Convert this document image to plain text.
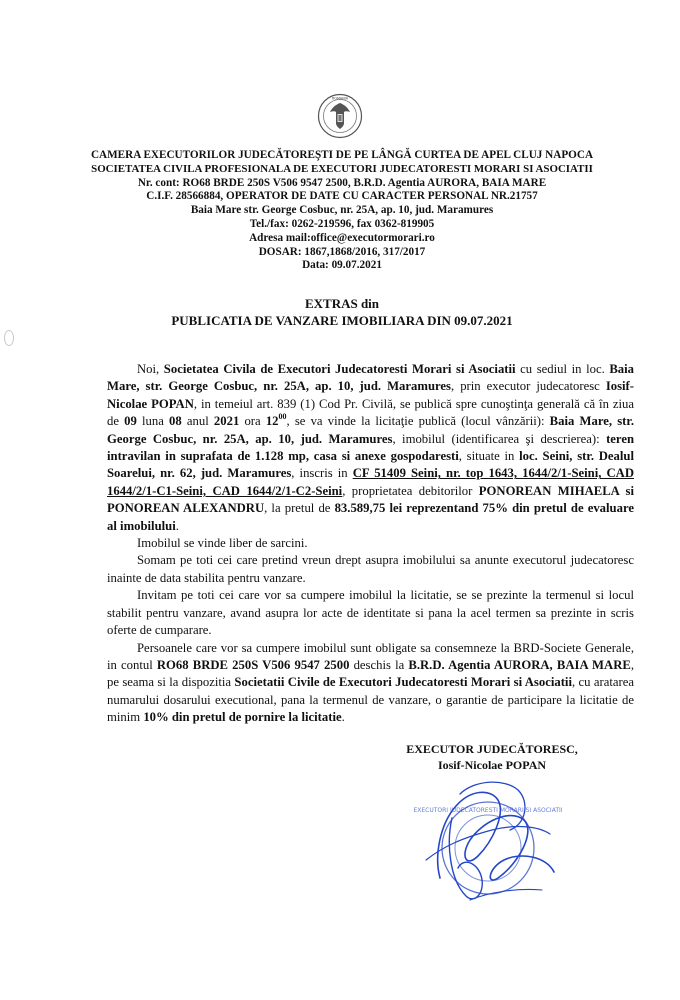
ROMANIA
CAMERA EXECUTORILOR JUDECĂTOREŞTI DE PE LÂNGĂ CURTEA DE APEL CLUJ NAPOCA
SOCIETATEA CIVILA PROFESIONALA DE EXECUTORI JUDECATORESTI MORARI SI ASOCIATII
Nr. cont: RO68 BRDE 250S V506 9547 2500, B.R.D. Agentia AURORA, BAIA MARE
C.I.F. 28566884, OPERATOR DE DATE CU CARACTER PERSONAL NR.21757
Baia Mare str. George Cosbuc, nr. 25A, ap. 10, jud. Maramures
Tel./fax: 0262-219596, fax 0362-819905
Adresa mail:office@executormorari.ro
DOSAR: 1867,1868/2016, 317/2017
Data: 09.07.2021
EXTRAS din
PUBLICATIA DE VANZARE IMOBILIARA DIN 09.07.2021

Noi, Societatea Civila de Executori Judecatoresti Morari si Asociatii cu sediul in loc. Baia Mare, str. George Cosbuc, nr. 25A, ap. 10, jud. Maramures, prin executor judecatoresc Iosif-Nicolae POPAN, in temeiul art. 839 (1) Cod Pr. Civilă, se publică spre cunoştinţa generală că în ziua de 09 luna 08 anul 2021 ora $12^{00}$, se va vinde la licitaţie publică (locul vânzării): Baia Mare, str. George Cosbuc, nr. 25A, ap. 10, jud. Maramures, imobilul (identificarea şi descrierea): teren intravilan in suprafata de 1.128 mp, casa si anexe gospodaresti, situate in loc. Seini, str. Dealul Soarelui, nr. 62, jud. Maramures, inscris in CF 51409 Seini, nr. top 1643, 1644/2/1-Seini, CAD 1644/2/1-C1-Seini, CAD 1644/2/1-C2-Seini, proprietatea debitorilor PONOREAN MIHAELA si PONOREAN ALEXANDRU, la pretul de 83.589,75 lei reprezentand 75% din pretul de evaluare al imobilului.

Imobilul se vinde liber de sarcini.

Somam pe toti cei care pretind vreun drept asupra imobilului sa anunte executorul judecatoresc inainte de data stabilita pentru vanzare.

Invitam pe toti cei care vor sa cumpere imobilul la licitatie, se se prezinte la termenul si locul stabilit pentru vanzare, avand asupra lor acte de identitate si pana la acel termen sa prezinte in scris oferte de cumparare.

Persoanele care vor sa cumpere imobilul sunt obligate sa consemneze la BRD-Societe Generale, in contul RO68 BRDE 250S V506 9547 2500 deschis la B.R.D. Agentia AURORA, BAIA MARE, pe seama si la dispozitia Societatii Civile de Executori Judecatoresti Morari si Asociatii, cu aratarea numarului dosarului executional, pana la termenul de vanzare, o garantie de participare la licitatie de minim 10% din pretul de pornire la licitatie.

EXECUTOR JUDECĂTORESC,
Iosif-Nicolae POPAN
EXECUTORI JUDECATORESTI MORARI SI ASOCIATII
